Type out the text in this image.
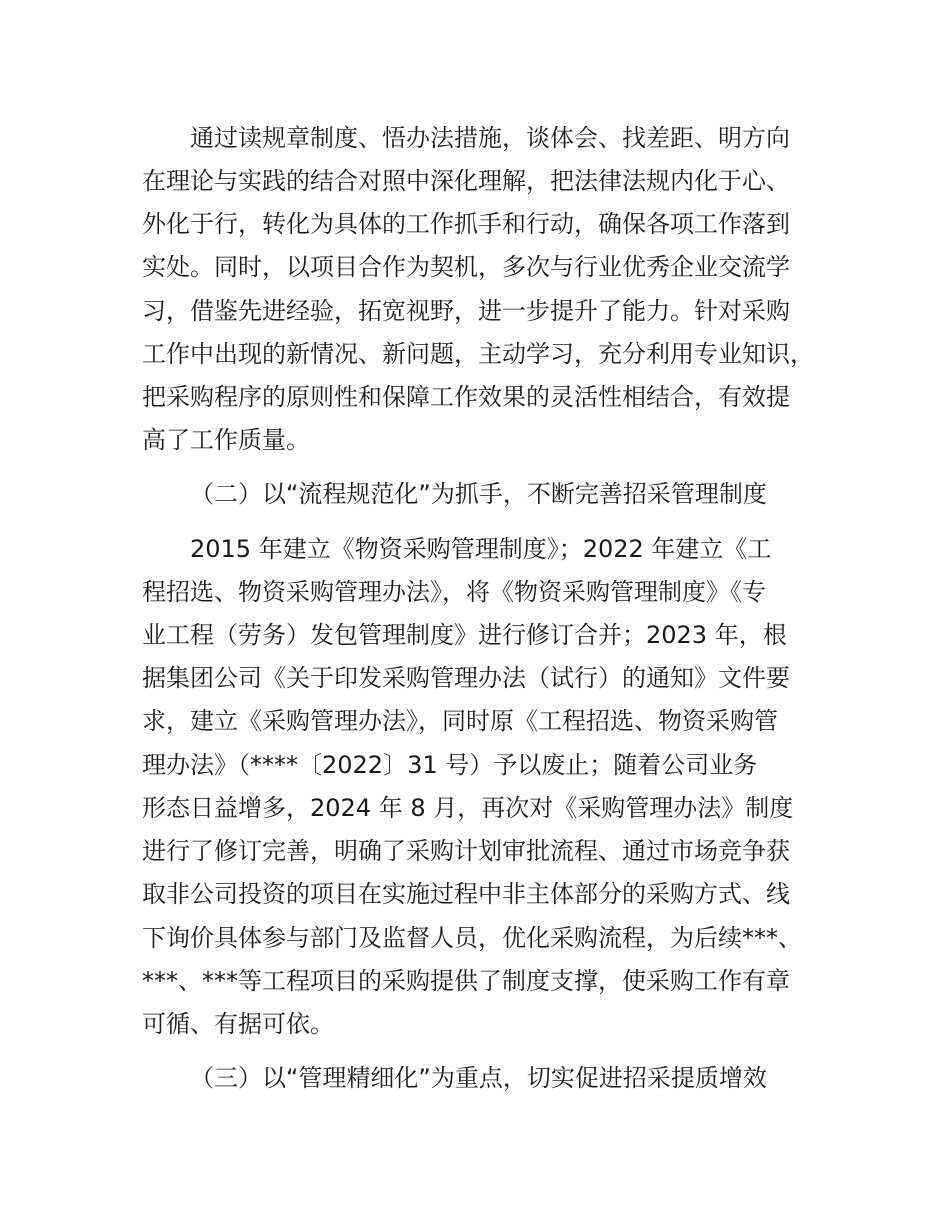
通过读规章制度、悟办法措施，谈体会、找差距、明方向
在理论与实践的结合对照中深化理解，把法律法规内化于心、
外化于行，转化为具体的工作抓手和行动，确保各项工作落到
实处。同时，以项目合作为契机，多次与行业优秀企业交流学
习，借鉴先进经验，拓宽视野，进一步提升了能力。针对采购
工作中出现的新情况、新问题，主动学习，充分利用专业知识，
把采购程序的原则性和保障工作效果的灵活性相结合，有效提
高了工作质量。
（二）以“流程规范化”为抓手，不断完善招采管理制度
2015 年建立《物资采购管理制度》；2022 年建立《工
程招选、物资采购管理办法》，将《物资采购管理制度》《专
业工程（劳务）发包管理制度》进行修订合并；2023 年，根
据集团公司《关于印发采购管理办法（试行）的通知》文件要
求，建立《采购管理办法》，同时原《工程招选、物资采购管
理办法》（****〔2022〕31 号）予以废止；随着公司业务
形态日益增多，2024 年 8 月，再次对《采购管理办法》制度
进行了修订完善，明确了采购计划审批流程、通过市场竞争获
取非公司投资的项目在实施过程中非主体部分的采购方式、线
下询价具体参与部门及监督人员，优化采购流程，为后续***、
***、***等工程项目的采购提供了制度支撑，使采购工作有章
可循、有据可依。
（三）以“管理精细化”为重点，切实促进招采提质增效
